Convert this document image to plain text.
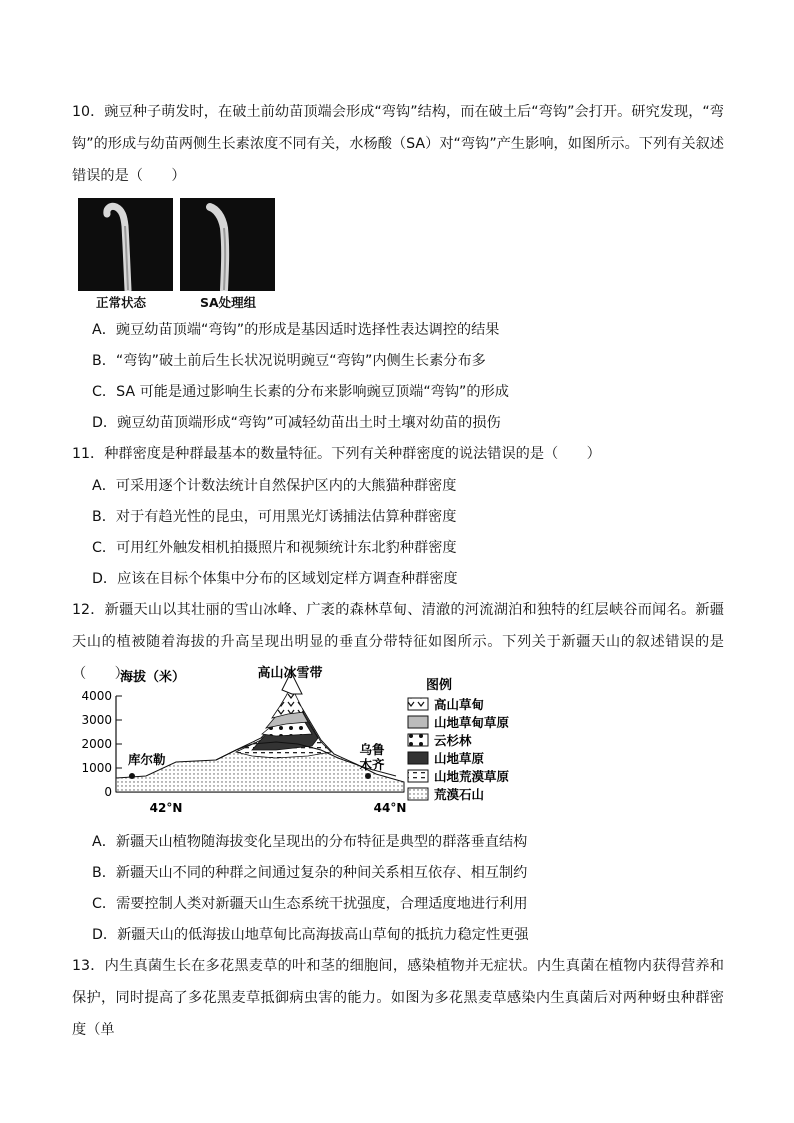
10．豌豆种子萌发时，在破土前幼苗顶端会形成“弯钩”结构，而在破土后“弯钩”会打开。研究发现，“弯钩”的形成与幼苗两侧生长素浓度不同有关，水杨酸（SA）对“弯钩”产生影响，如图所示。下列有关叙述错误的是（　　）

正常状态	SA处理组

A．豌豆幼苗顶端“弯钩”的形成是基因适时选择性表达调控的结果

B．“弯钩”破土前后生长状况说明豌豆“弯钩”内侧生长素分布多

C．SA 可能是通过影响生长素的分布来影响豌豆顶端“弯钩”的形成

D．豌豆幼苗顶端形成“弯钩”可减轻幼苗出土时土壤对幼苗的损伤

11．种群密度是种群最基本的数量特征。下列有关种群密度的说法错误的是（　　）

A．可采用逐个计数法统计自然保护区内的大熊猫种群密度

B．对于有趋光性的昆虫，可用黑光灯诱捕法估算种群密度

C．可用红外触发相机拍摄照片和视频统计东北豹种群密度

D．应该在目标个体集中分布的区域划定样方调查种群密度

12．新疆天山以其壮丽的雪山冰峰、广袤的森林草甸、清澈的河流湖泊和独特的红层峡谷而闻名。新疆天山的植被随着海拔的升高呈现出明显的垂直分带特征如图所示。下列关于新疆天山的叙述错误的是（　　）

海拔（米）
4000
3000
2000
1000
0
42°N	44°N
高山冰雪带
库尔勒
乌鲁
木齐
图例
高山草甸
山地草甸草原
云杉林
山地草原
山地荒漠草原
荒漠石山

A．新疆天山植物随海拔变化呈现出的分布特征是典型的群落垂直结构

B．新疆天山不同的种群之间通过复杂的种间关系相互依存、相互制约

C．需要控制人类对新疆天山生态系统干扰强度，合理适度地进行利用

D．新疆天山的低海拔山地草甸比高海拔高山草甸的抵抗力稳定性更强

13．内生真菌生长在多花黑麦草的叶和茎的细胞间，感染植物并无症状。内生真菌在植物内获得营养和保护，同时提高了多花黑麦草抵御病虫害的能力。如图为多花黑麦草感染内生真菌后对两种蚜虫种群密度（单
